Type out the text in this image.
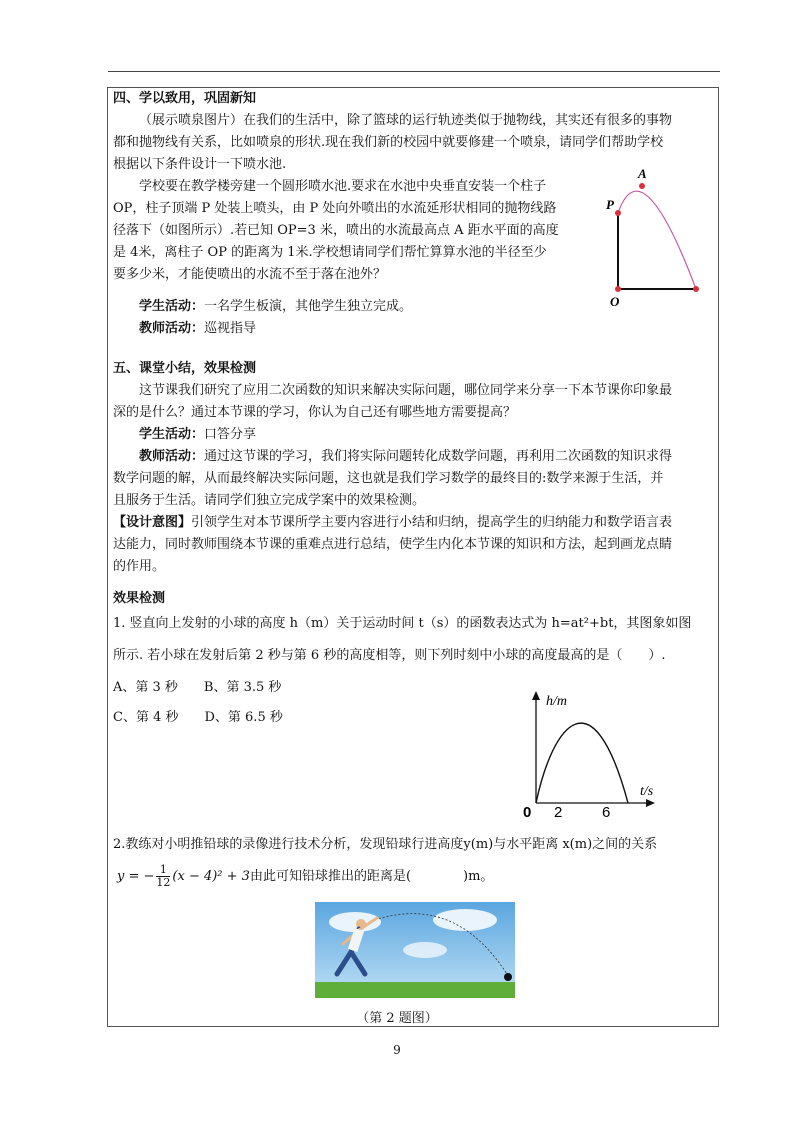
四、学以致用，巩固新知
（展示喷泉图片）在我们的生活中，除了篮球的运行轨迹类似于抛物线，其实还有很多的事物
都和抛物线有关系，比如喷泉的形状.现在我们新的校园中就要修建一个喷泉，请同学们帮助学校
根据以下条件设计一下喷水池.
学校要在教学楼旁建一个圆形喷水池.要求在水池中央垂直安装一个柱子
OP，柱子顶端 P 处装上喷头，由 P 处向外喷出的水流延形状相同的抛物线路
径落下（如图所示）.若已知 OP=3 米，喷出的水流最高点 A 距水平面的高度
是 4米，离柱子 OP 的距离为 1米.学校想请同学们帮忙算算水池的半径至少
要多少米，才能使喷出的水流不至于落在池外？
A
P
O
学生活动：一名学生板演，其他学生独立完成。
教师活动：巡视指导
五、课堂小结，效果检测
这节课我们研究了应用二次函数的知识来解决实际问题，哪位同学来分享一下本节课你印象最
深的是什么？通过本节课的学习，你认为自己还有哪些地方需要提高？
学生活动：口答分享
教师活动：通过这节课的学习，我们将实际问题转化成数学问题，再利用二次函数的知识求得
数学问题的解，从而最终解决实际问题，这也就是我们学习数学的最终目的:数学来源于生活，并
且服务于生活。请同学们独立完成学案中的效果检测。
【设计意图】引领学生对本节课所学主要内容进行小结和归纳，提高学生的归纳能力和数学语言表
达能力，同时教师围绕本节课的重难点进行总结，使学生内化本节课的知识和方法，起到画龙点睛
的作用。
效果检测
1. 竖直向上发射的小球的高度 h（m）关于运动时间 t（s）的函数表达式为 h=at²+bt，其图象如图
所示. 若小球在发射后第 2 秒与第 6 秒的高度相等，则下列时刻中小球的高度最高的是（　　）.
A、第 3 秒　　B、第 3.5 秒
C、第 4 秒　　D、第 6.5 秒
h/m
t/s
0 2	6
2.教练对小明推铅球的录像进行技术分析，发现铅球行进高度y(m)与水平距离 x(m)之间的关系
y = − $\frac{1}{12} (x - 4)^2 + 3$由此可知铅球推出的距离是(　　　　)m。
（第 2 题图）
9
